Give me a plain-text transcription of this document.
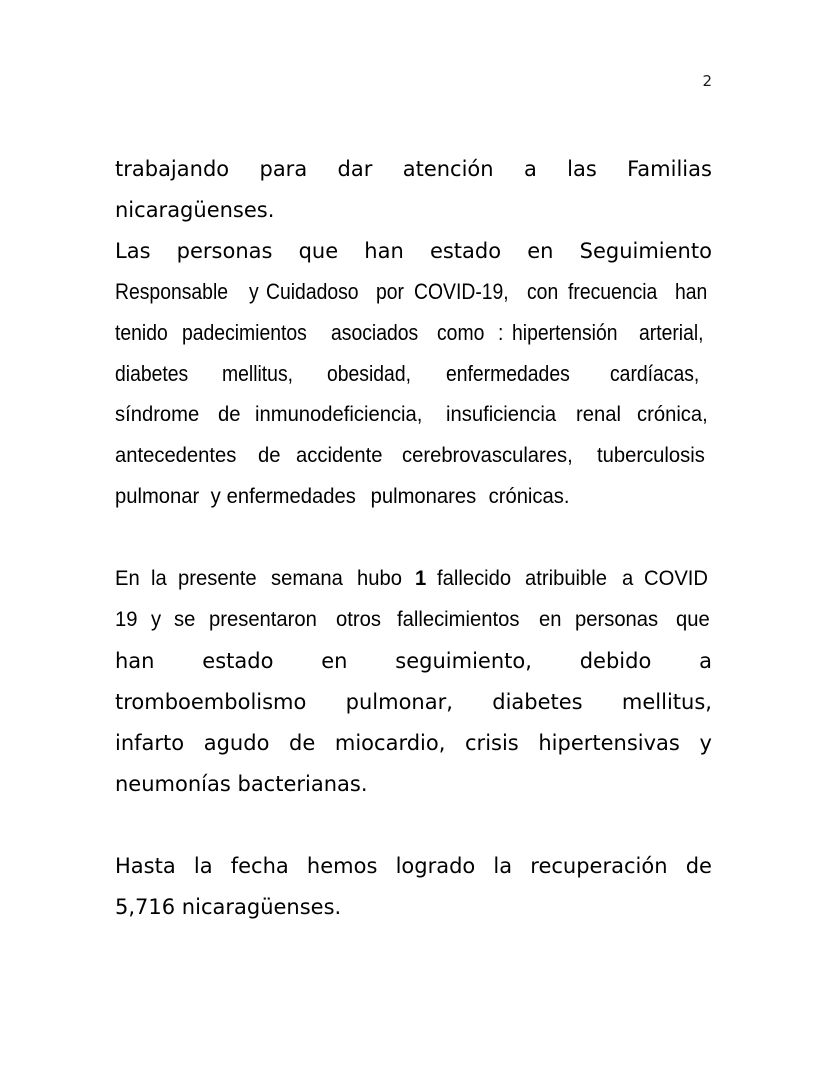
2
trabajando para dar atención a las Familias
nicaragüenses.
Las personas que han estado en Seguimiento
Responsable y Cuidadoso por COVID-19, con frecuencia han
tenido padecimientos asociados como : hipertensión arterial,
diabetes mellitus, obesidad, enfermedades cardíacas,
síndrome de inmunodeficiencia, insuficiencia renal crónica,
antecedentes de accidente cerebrovasculares, tuberculosis
pulmonar y enfermedades pulmonares crónicas.
En la presente semana hubo 1 fallecido atribuible a COVID
19 y se presentaron otros fallecimientos en personas que
han estado en seguimiento, debido a
tromboembolismo pulmonar, diabetes mellitus,
infarto agudo de miocardio, crisis hipertensivas y
neumonías bacterianas.
Hasta la fecha hemos logrado la recuperación de
5,716 nicaragüenses.
